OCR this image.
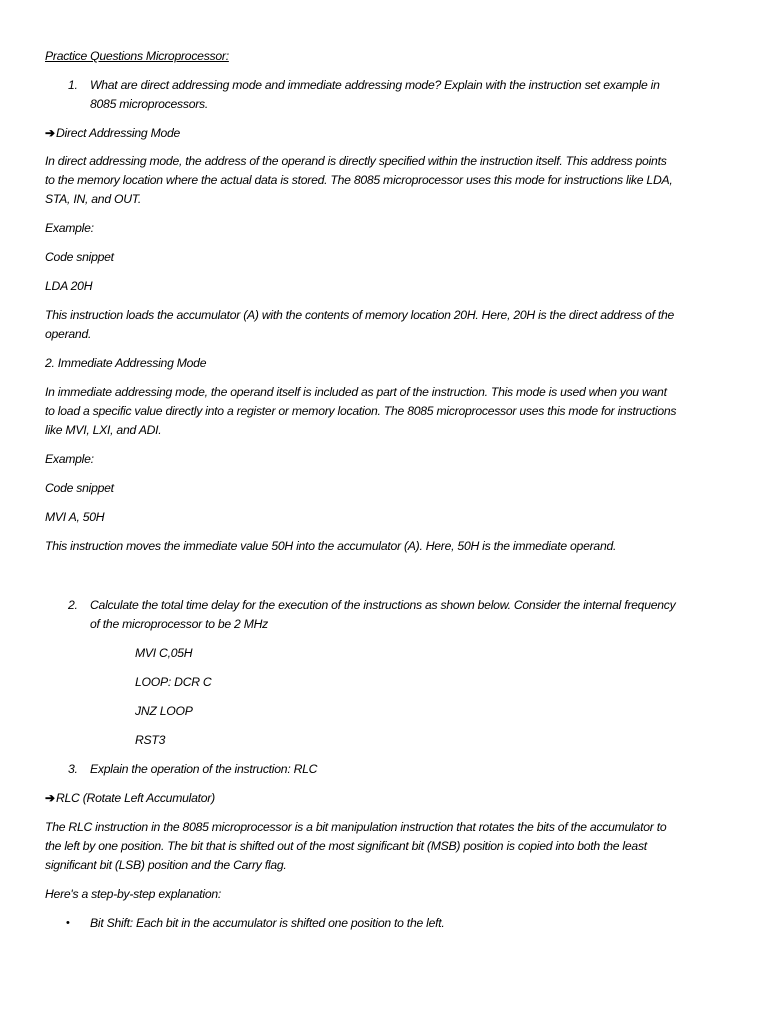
Practice Questions Microprocessor:
1. What are direct addressing mode and immediate addressing mode? Explain with the instruction set example in
8085 microprocessors.
➔Direct Addressing Mode
In direct addressing mode, the address of the operand is directly specified within the instruction itself. This address points
to the memory location where the actual data is stored. The 8085 microprocessor uses this mode for instructions like LDA,
STA, IN, and OUT.
Example:
Code snippet
LDA 20H
This instruction loads the accumulator (A) with the contents of memory location 20H. Here, 20H is the direct address of the
operand.
2. Immediate Addressing Mode
In immediate addressing mode, the operand itself is included as part of the instruction. This mode is used when you want
to load a specific value directly into a register or memory location. The 8085 microprocessor uses this mode for instructions
like MVI, LXI, and ADI.
Example:
Code snippet
MVI A, 50H
This instruction moves the immediate value 50H into the accumulator (A). Here, 50H is the immediate operand.
2. Calculate the total time delay for the execution of the instructions as shown below. Consider the internal frequency
of the microprocessor to be 2 MHz
MVI C,05H
LOOP: DCR C
JNZ LOOP
RST3
3. Explain the operation of the instruction: RLC
➔RLC (Rotate Left Accumulator)
The RLC instruction in the 8085 microprocessor is a bit manipulation instruction that rotates the bits of the accumulator to
the left by one position. The bit that is shifted out of the most significant bit (MSB) position is copied into both the least
significant bit (LSB) position and the Carry flag.
Here's a step-by-step explanation:
• Bit Shift: Each bit in the accumulator is shifted one position to the left.
